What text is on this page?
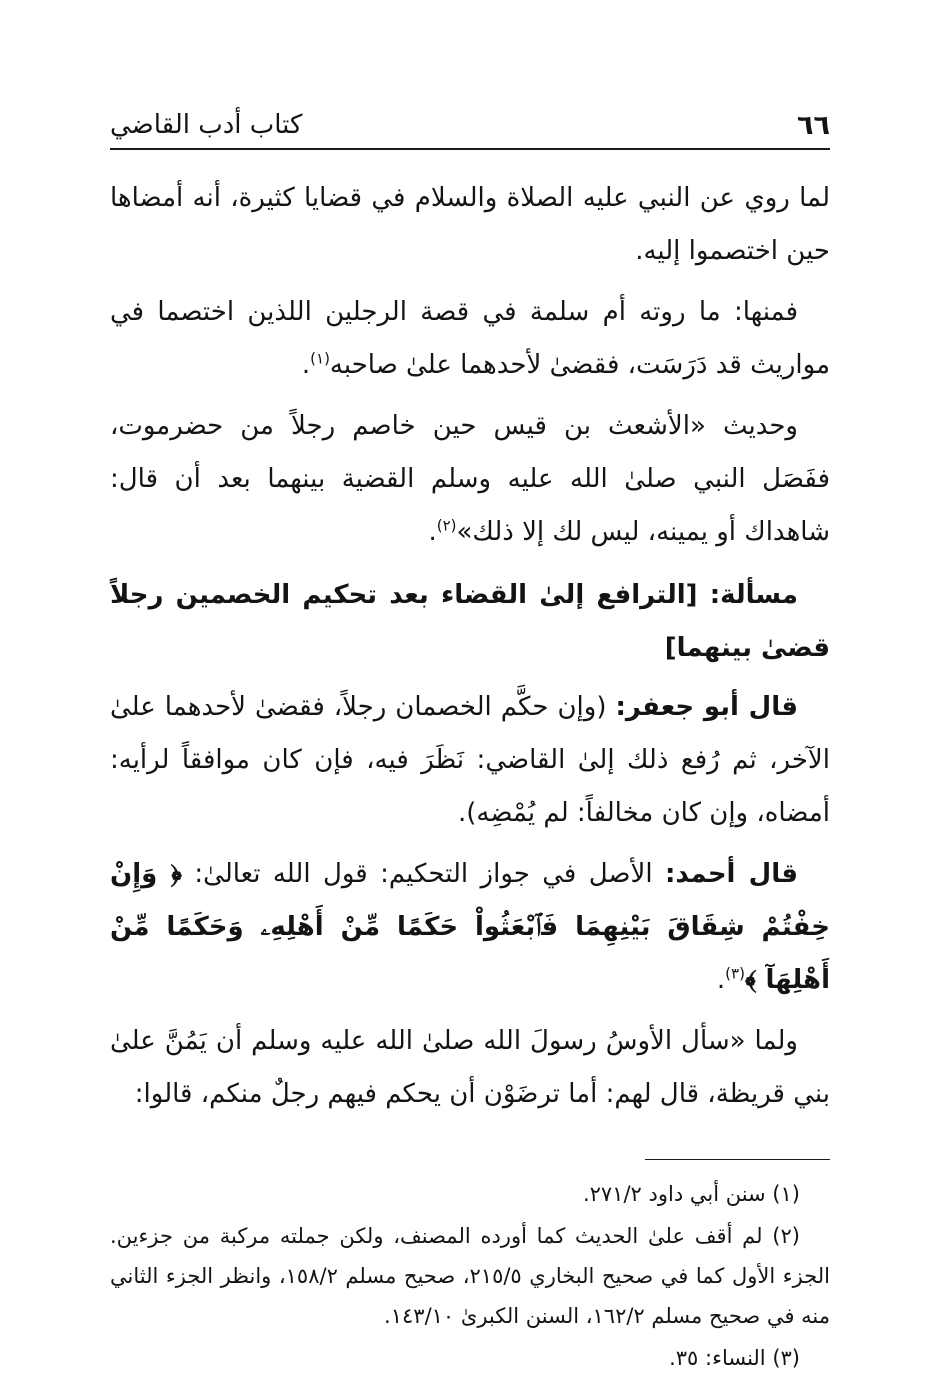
٦٦
كتاب أدب القاضي

لما روي عن النبي عليه الصلاة والسلام في قضايا كثيرة، أنه أمضاها حين اختصموا إليه.

فمنها: ما روته أم سلمة في قصة الرجلين اللذين اختصما في مواريث قد دَرَسَت، فقضىٰ لأحدهما علىٰ صاحبه$^{(١)}$.

وحديث «الأشعث بن قيس حين خاصم رجلاً من حضرموت، ففَصَل النبي صلىٰ الله عليه وسلم القضية بينهما بعد أن قال: شاهداك أو يمينه، ليس لك إلا ذلك»$^{(٢)}$.

مسألة: [الترافع إلىٰ القضاء بعد تحكيم الخصمين رجلاً قضىٰ بينهما]

قال أبو جعفر: (وإن حكَّم الخصمان رجلاً، فقضىٰ لأحدهما علىٰ الآخر، ثم رُفع ذلك إلىٰ القاضي: نَظَرَ فيه، فإن كان موافقاً لرأيه: أمضاه، وإن كان مخالفاً: لم يُمْضِه).

قال أحمد: الأصل في جواز التحكيم: قول الله تعالىٰ: ﴿ وَإِنْ خِفْتُمْ شِقَاقَ بَيْنِهِمَا فَٱبْعَثُواْ حَكَمًا مِّنْ أَهْلِهِۦ وَحَكَمًا مِّنْ أَهْلِهَآ ﴾$^{(٣)}$.

ولما «سأل الأوسُ رسولَ الله صلىٰ الله عليه وسلم أن يَمُنَّ علىٰ بني قريظة، قال لهم: أما ترضَوْن أن يحكم فيهم رجلٌ منكم، قالوا:

(١) سنن أبي داود ٢٧١/٢.

(٢) لم أقف علىٰ الحديث كما أورده المصنف، ولكن جملته مركبة من جزءين. الجزء الأول كما في صحيح البخاري ٢١٥/٥، صحيح مسلم ١٥٨/٢، وانظر الجزء الثاني منه في صحيح مسلم ١٦٢/٢، السنن الكبرىٰ ١٤٣/١٠.

(٣) النساء: ٣٥.
